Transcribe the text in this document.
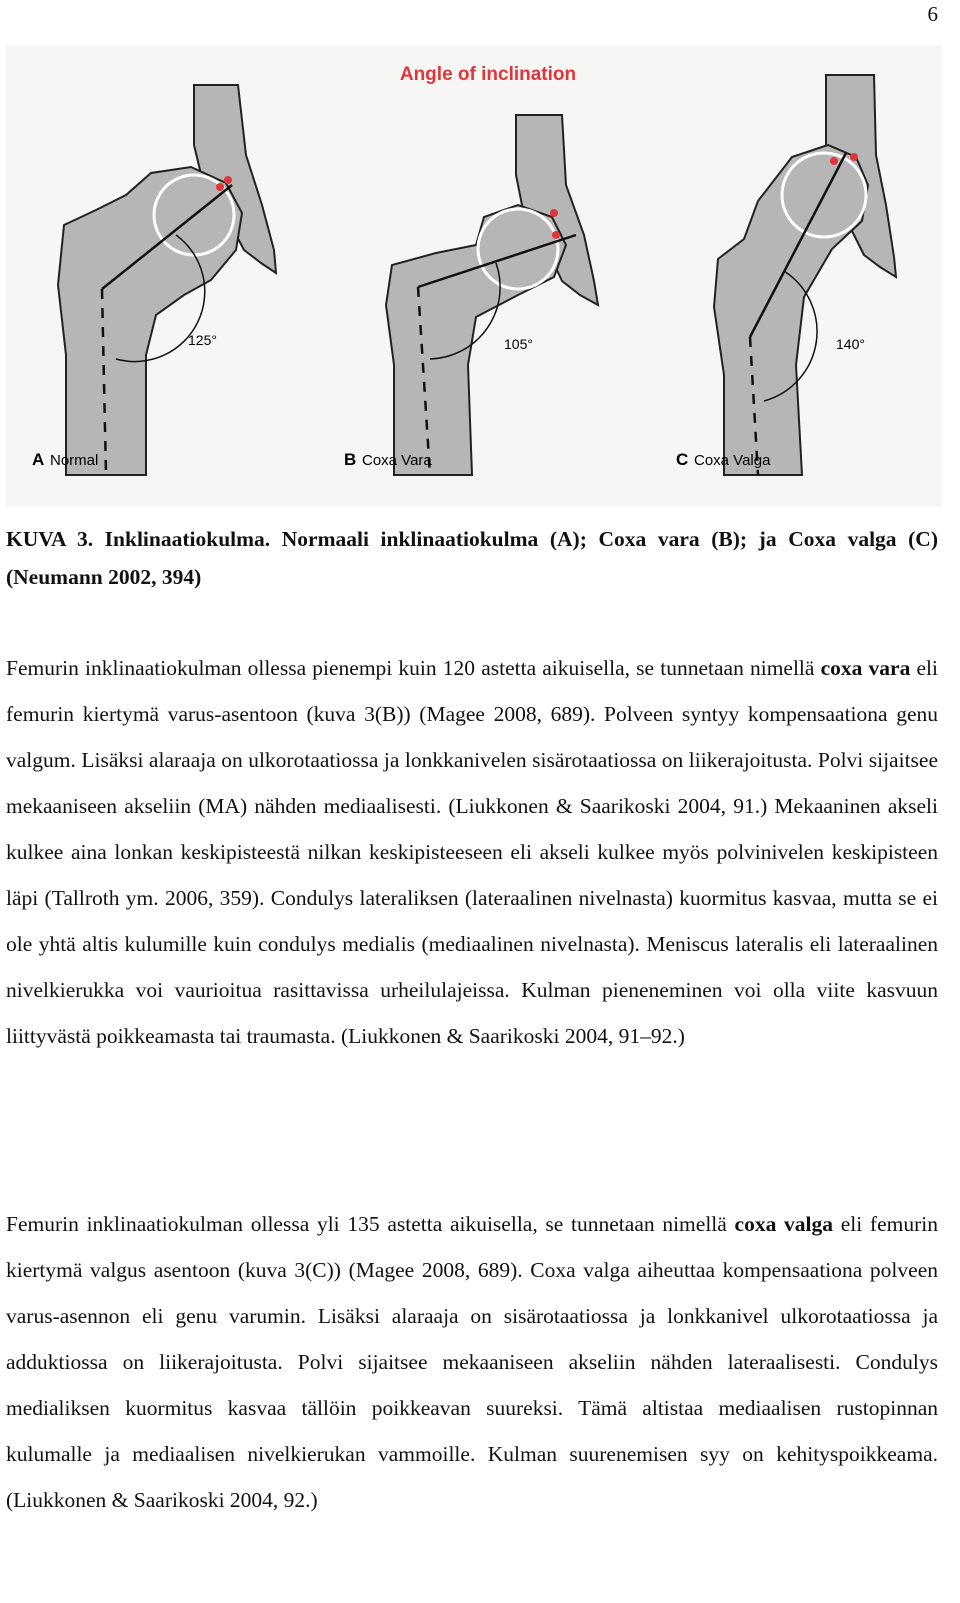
6
Angle of inclination
125°
A Normal
105°
B Coxa Vara
140°
C Coxa Valga

KUVA 3. Inklinaatiokulma. Normaali inklinaatiokulma (A); Coxa vara (B); ja Coxa valga (C) (Neumann 2002, 394)

Femurin inklinaatiokulman ollessa pienempi kuin 120 astetta aikuisella, se tunnetaan nimellä coxa vara eli femurin kiertymä varus-asentoon (kuva 3(B)) (Magee 2008, 689). Polveen syntyy kompensaationa genu valgum. Lisäksi alaraaja on ulkorotaatiossa ja lonkkanivelen sisärotaatiossa on liikerajoitusta. Polvi sijaitsee mekaaniseen akseliin (MA) nähden mediaalisesti. (Liukkonen & Saarikoski 2004, 91.) Mekaaninen akseli kulkee aina lonkan keskipisteestä nilkan keskipisteeseen eli akseli kulkee myös polvinivelen keskipisteen läpi (Tallroth ym. 2006, 359). Condulys lateraliksen (lateraalinen nivelnasta) kuormitus kasvaa, mutta se ei ole yhtä altis kulumille kuin condulys medialis (mediaalinen nivelnasta). Meniscus lateralis eli lateraalinen nivelkierukka voi vaurioitua rasittavissa urheilulajeissa. Kulman pieneneminen voi olla viite kasvuun liittyvästä poikkeamasta tai traumasta. (Liukkonen & Saarikoski 2004, 91–92.)

Femurin inklinaatiokulman ollessa yli 135 astetta aikuisella, se tunnetaan nimellä coxa valga eli femurin kiertymä valgus asentoon (kuva 3(C)) (Magee 2008, 689). Coxa valga aiheuttaa kompensaationa polveen varus-asennon eli genu varumin. Lisäksi alaraaja on sisärotaatiossa ja lonkkanivel ulkorotaatiossa ja adduktiossa on liikerajoitusta. Polvi sijaitsee mekaaniseen akseliin nähden lateraalisesti. Condulys medialiksen kuormitus kasvaa tällöin poikkeavan suureksi. Tämä altistaa mediaalisen rustopinnan kulumalle ja mediaalisen nivelkierukan vammoille. Kulman suurenemisen syy on kehityspoikkeama. (Liukkonen & Saarikoski 2004, 92.)
